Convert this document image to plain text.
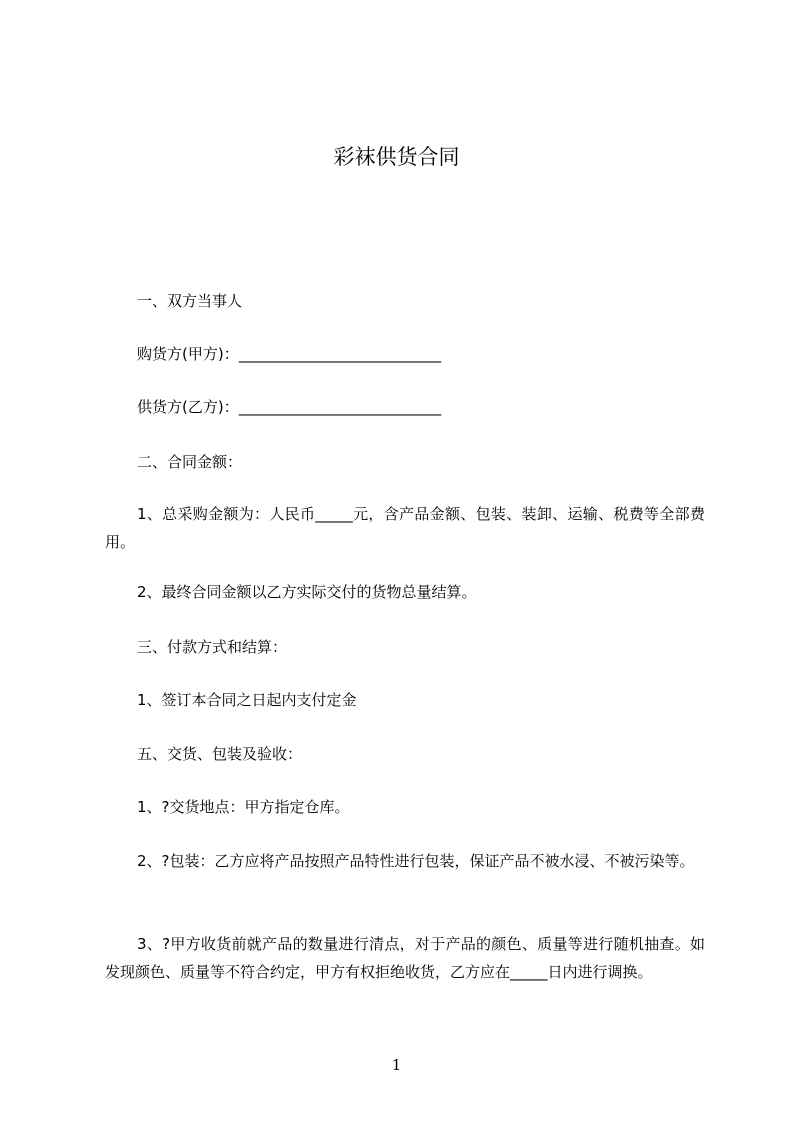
彩袜供货合同

一、双方当事人

购货方(甲方)：___________________________

供货方(乙方)：___________________________

二、合同金额：

1、总采购金额为：人民币_____元，含产品金额、包装、装卸、运输、税费等全部费用。

2、最终合同金额以乙方实际交付的货物总量结算。

三、付款方式和结算：

1、签订本合同之日起内支付定金

五、交货、包装及验收：

1、?交货地点：甲方指定仓库。

2、?包装：乙方应将产品按照产品特性进行包装，保证产品不被水浸、不被污染等。

3、?甲方收货前就产品的数量进行清点，对于产品的颜色、质量等进行随机抽查。如发现颜色、质量等不符合约定，甲方有权拒绝收货，乙方应在_____日内进行调换。

1
